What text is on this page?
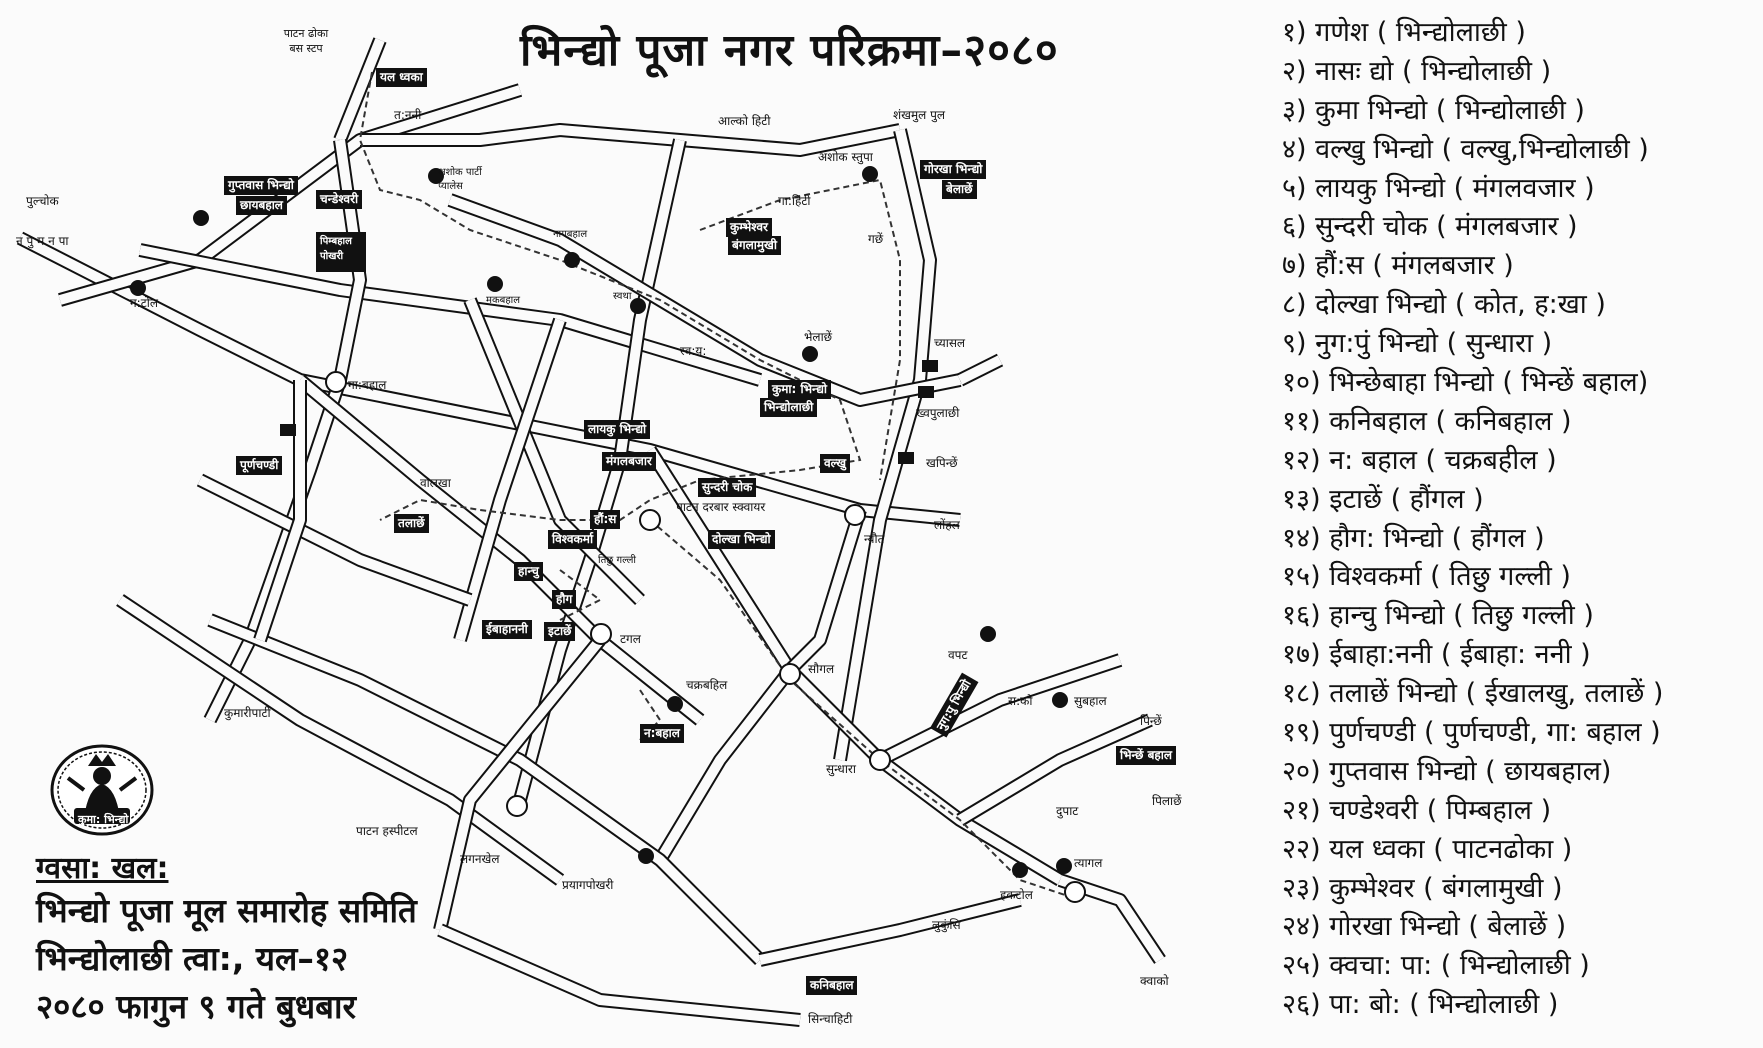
भिन्द्यो पूजा नगर परिक्रमा–२०८०	१) गणेश ( भिन्द्योलाछी )
२) नासः द्यो ( भिन्द्योलाछी )
३) कुमा भिन्द्यो ( भिन्द्योलाछी )
४) वल्खु भिन्द्यो ( वल्खु,भिन्द्योलाछी )
५) लायकु भिन्द्यो ( मंगलवजार )
६) सुन्दरी चोक ( मंगलबजार )
७) हौं:स ( मंगलबजार )
८) दोल्खा भिन्द्यो ( कोत, ह:खा )
९) नुग:पुं भिन्द्यो ( सुन्धारा )
१०) भिन्छेबाहा भिन्द्यो ( भिन्छें बहाल)
११) कनिबहाल ( कनिबहाल )
१२) न: बहाल ( चक्रबहील )
१३) इटाछें ( हौंगल )
१४) हौग: भिन्द्यो ( हौंगल )
१५) विश्वकर्मा ( तिछु गल्ली )
१६) हान्चु भिन्द्यो ( तिछु गल्ली )
१७) ईबाहा:ननी ( ईबाहा: ननी )
१८) तलाछें भिन्द्यो ( ईखालखु, तलाछें )
१९) पुर्णचण्डी ( पुर्णचण्डी, गा: बहाल )
२०) गुप्तवास भिन्द्यो ( छायबहाल)
२१) चण्डेश्वरी ( पिम्बहाल )
२२) यल ध्वका ( पाटनढोका )
२३) कुम्भेश्वर ( बंगलामुखी )
२४) गोरखा भिन्द्यो ( बेलाछें )
२५) क्वचा: पा: ( भिन्द्योलाछी )
२६) पा: बो: ( भिन्द्योलाछी )
कुमा: भिन्द्यो
ग्वसा: खल:
भिन्द्यो पूजा मूल समारोह समिति
भिन्द्योलाछी त्वा:, यल–१२
२०८० फागुन ९ गते बुधबार
पाटन ढोका बस स्टप
त:ननी
अशोक पार्टी प्यालेस
पुल्चोक
न पु म न पा
न:टोल
नागबहाल
मकबहाल	स्वथा
आल्को हिटी	शंखमुल पुल
अशोक स्तुपा
गा:हिटी
गछें
भेलाछें
स्व:य:
गा:बहाल
वालखा
च्यासल
ख्वपुलाछी
खपिन्छें
पाटन दरबार स्क्वायर
तिछु गल्ली
न्यौत
लोंहल
टगल
सौगल
चक्रबहिल
कुमारीपाटी
पाटन हस्पीटल
लगनखेल
प्रयागपोखरी
सुन्धारा
वपट
स:को	सुबहाल
पिन्छें
पिलाछें
दुपाट
त्यागल
हकटोल
लुकुंसि
सिन्चाहिटी
क्वाको
यल ध्वका
गुप्तवास भिन्द्यो
छायबहाल	चन्डेश्वरी
पिम्बहाल पोखरी
गोरखा भिन्द्यो
बेलाछें
कुम्भेश्वर
बंगलामुखी
कुमा: भिन्द्यो
भिन्द्योलाछी
लायकु भिन्द्यो
मंगलबजार	वल्खु
पूर्णचण्डी
सुन्दरी चोक
हौं:स
दोल्खा भिन्द्यो
तलाछें
विश्वकर्मा
हान्चु
हौग
ईबाहाननी	इटाछें
न:बहाल
नुग:पु भिन्द्यो
भिन्छें बहाल
कनिबहाल
